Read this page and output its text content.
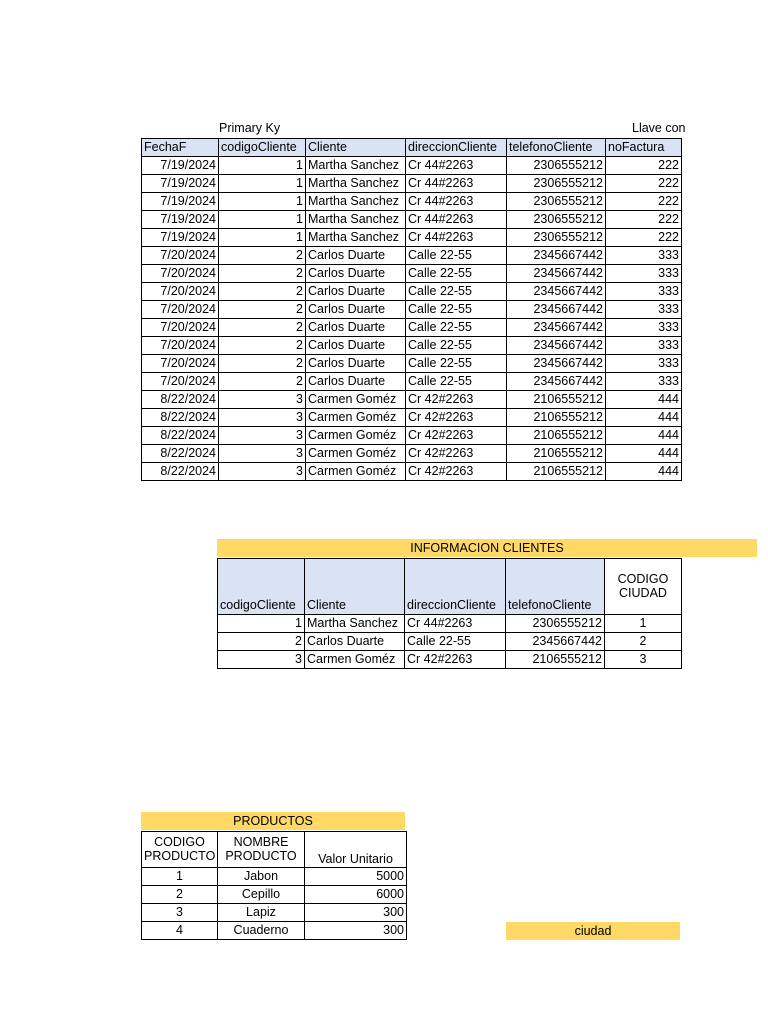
Primary Ky	Llave con
FechaF	codigoCliente	Cliente	direccionCliente	telefonoCliente	noFactura
7/19/2024	1	Martha Sanchez	Cr 44#2263	2306555212	222
7/19/2024	1	Martha Sanchez	Cr 44#2263	2306555212	222
7/19/2024	1	Martha Sanchez	Cr 44#2263	2306555212	222
7/19/2024	1	Martha Sanchez	Cr 44#2263	2306555212	222
7/19/2024	1	Martha Sanchez	Cr 44#2263	2306555212	222
7/20/2024	2	Carlos Duarte	Calle 22-55	2345667442	333
7/20/2024	2	Carlos Duarte	Calle 22-55	2345667442	333
7/20/2024	2	Carlos Duarte	Calle 22-55	2345667442	333
7/20/2024	2	Carlos Duarte	Calle 22-55	2345667442	333
7/20/2024	2	Carlos Duarte	Calle 22-55	2345667442	333
7/20/2024	2	Carlos Duarte	Calle 22-55	2345667442	333
7/20/2024	2	Carlos Duarte	Calle 22-55	2345667442	333
7/20/2024	2	Carlos Duarte	Calle 22-55	2345667442	333
8/22/2024	3	Carmen Goméz	Cr 42#2263	2106555212	444
8/22/2024	3	Carmen Goméz	Cr 42#2263	2106555212	444
8/22/2024	3	Carmen Goméz	Cr 42#2263	2106555212	444
8/22/2024	3	Carmen Goméz	Cr 42#2263	2106555212	444
8/22/2024	3	Carmen Goméz	Cr 42#2263	2106555212	444
INFORMACION CLIENTES
codigoCliente	Cliente	direccionCliente	telefonoCliente	CODIGO CIUDAD
1	Martha Sanchez	Cr 44#2263	2306555212	1
2	Carlos Duarte	Calle 22-55	2345667442	2
3	Carmen Goméz	Cr 42#2263	2106555212	3
PRODUCTOS
CODIGO PRODUCTO	NOMBRE PRODUCTO	Valor Unitario
1	Jabon	5000
2	Cepillo	6000
3	Lapiz	300
4	Cuaderno	300	ciudad
